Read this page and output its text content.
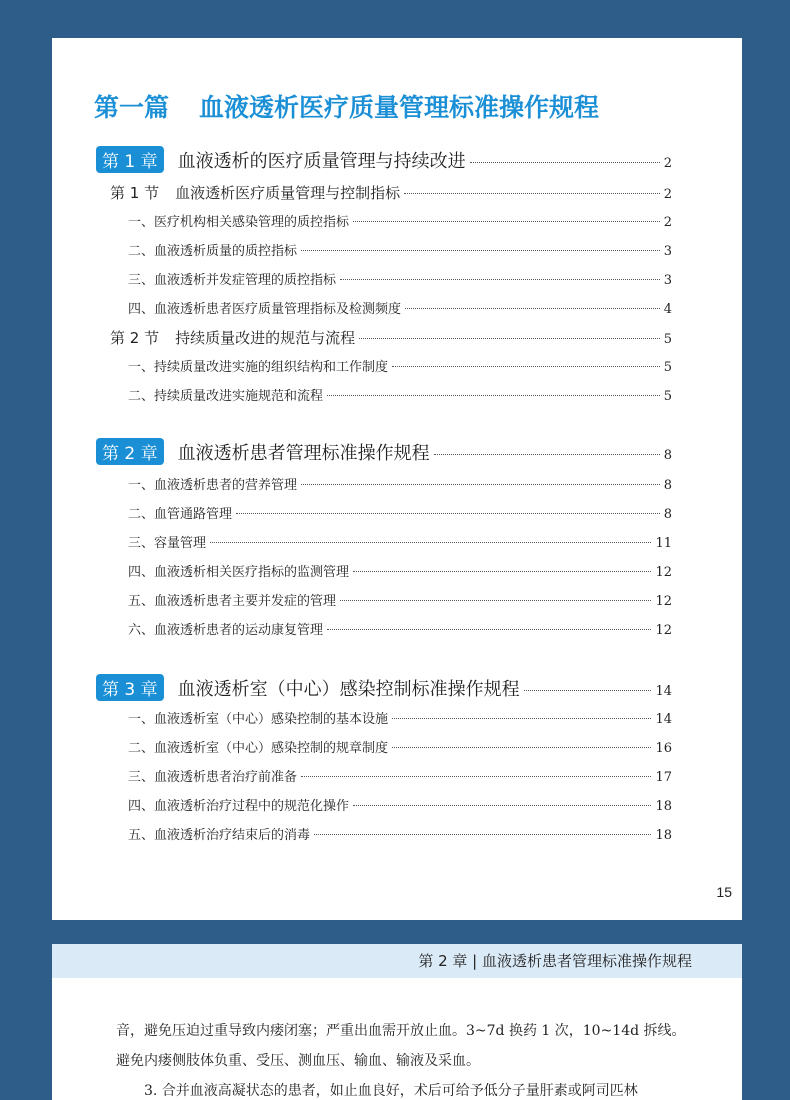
第一篇 血液透析医疗质量管理标准操作规程
第 1 章	血液透析的医疗质量管理与持续改进	2
第 1 节 血液透析医疗质量管理与控制指标	2
一、医疗机构相关感染管理的质控指标	2
二、血液透析质量的质控指标	3
三、血液透析并发症管理的质控指标	3
四、血液透析患者医疗质量管理指标及检测频度	4
第 2 节 持续质量改进的规范与流程	5
一、持续质量改进实施的组织结构和工作制度	5
二、持续质量改进实施规范和流程	5
第 2 章	血液透析患者管理标准操作规程	8
一、血液透析患者的营养管理	8
二、血管通路管理	8
三、容量管理	11
四、血液透析相关医疗指标的监测管理	12
五、血液透析患者主要并发症的管理	12
六、血液透析患者的运动康复管理	12
第 3 章	血液透析室（中心）感染控制标准操作规程	14
一、血液透析室（中心）感染控制的基本设施	14
二、血液透析室（中心）感染控制的规章制度	16
三、血液透析患者治疗前准备	17
四、血液透析治疗过程中的规范化操作	18
五、血液透析治疗结束后的消毒	18
15
第 2 章 | 血液透析患者管理标准操作规程
音，避免压迫过重导致内瘘闭塞；严重出血需开放止血。3~7d 换药 1 次，10~14d 拆线。
避免内瘘侧肢体负重、受压、测血压、输血、输液及采血。
3. 合并血液高凝状态的患者，如止血良好，术后可给予低分子量肝素或阿司匹林
